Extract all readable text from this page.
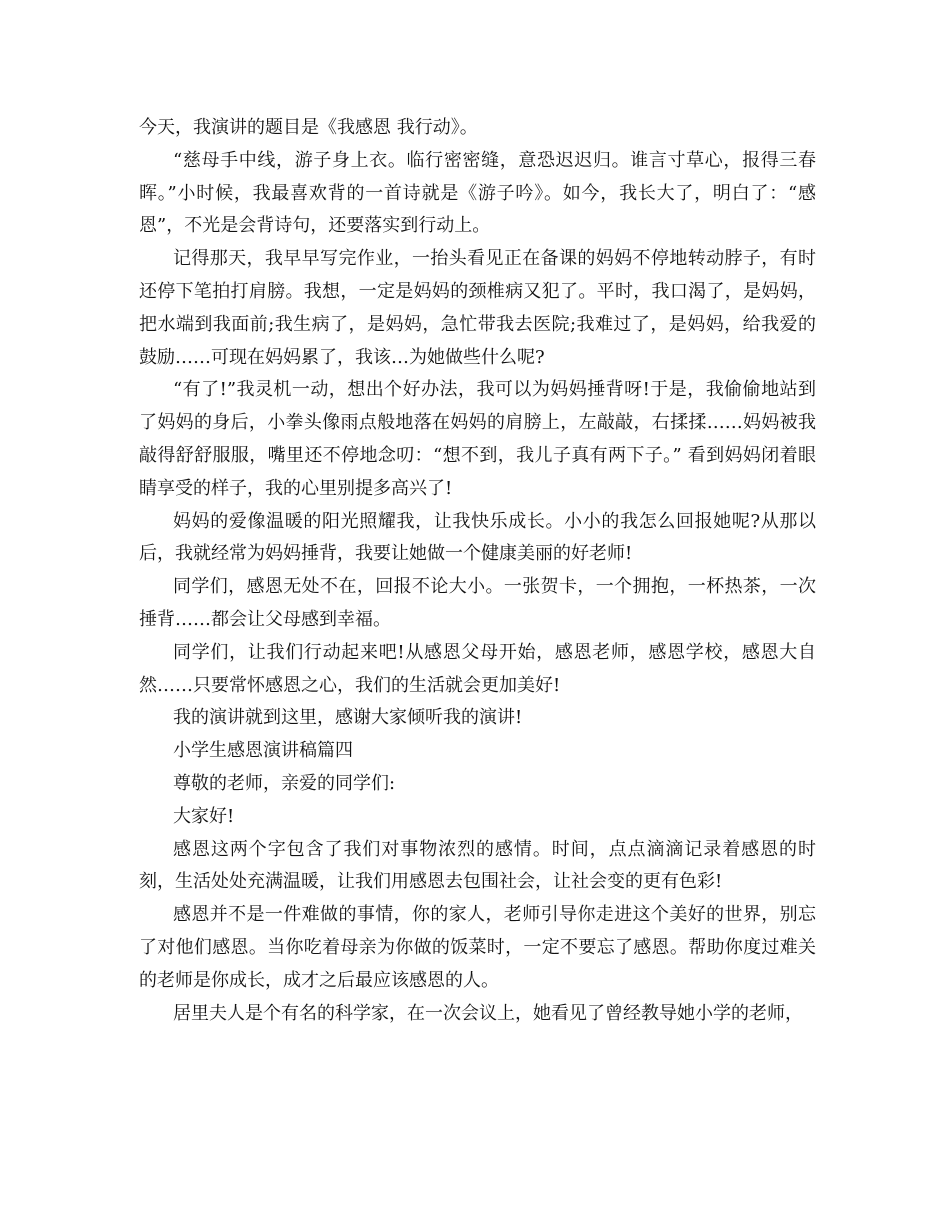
今天，我演讲的题目是《我感恩 我行动》。

“慈母手中线，游子身上衣。临行密密缝，意恐迟迟归。谁言寸草心，报得三春晖。”小时候，我最喜欢背的一首诗就是《游子吟》。如今，我长大了，明白了：“感恩”，不光是会背诗句，还要落实到行动上。

记得那天，我早早写完作业，一抬头看见正在备课的妈妈不停地转动脖子，有时还停下笔拍打肩膀。我想，一定是妈妈的颈椎病又犯了。平时，我口渴了，是妈妈，把水端到我面前;我生病了，是妈妈，急忙带我去医院;我难过了，是妈妈，给我爱的鼓励……可现在妈妈累了，我该…为她做些什么呢?

“有了!”我灵机一动，想出个好办法，我可以为妈妈捶背呀!于是，我偷偷地站到了妈妈的身后，小拳头像雨点般地落在妈妈的肩膀上，左敲敲，右揉揉……妈妈被我敲得舒舒服服，嘴里还不停地念叨：“想不到，我儿子真有两下子。” 看到妈妈闭着眼睛享受的样子，我的心里别提多高兴了!

妈妈的爱像温暖的阳光照耀我，让我快乐成长。小小的我怎么回报她呢?从那以后，我就经常为妈妈捶背，我要让她做一个健康美丽的好老师!

同学们，感恩无处不在，回报不论大小。一张贺卡，一个拥抱，一杯热茶，一次捶背……都会让父母感到幸福。

同学们，让我们行动起来吧!从感恩父母开始，感恩老师，感恩学校，感恩大自然……只要常怀感恩之心，我们的生活就会更加美好!

我的演讲就到这里，感谢大家倾听我的演讲!

小学生感恩演讲稿篇四

尊敬的老师，亲爱的同学们:

大家好!

感恩这两个字包含了我们对事物浓烈的感情。时间，点点滴滴记录着感恩的时刻，生活处处充满温暖，让我们用感恩去包围社会，让社会变的更有色彩!

感恩并不是一件难做的事情，你的家人，老师引导你走进这个美好的世界，别忘了对他们感恩。当你吃着母亲为你做的饭菜时，一定不要忘了感恩。帮助你度过难关的老师是你成长，成才之后最应该感恩的人。

居里夫人是个有名的科学家，在一次会议上，她看见了曾经教导她小学的老师，
